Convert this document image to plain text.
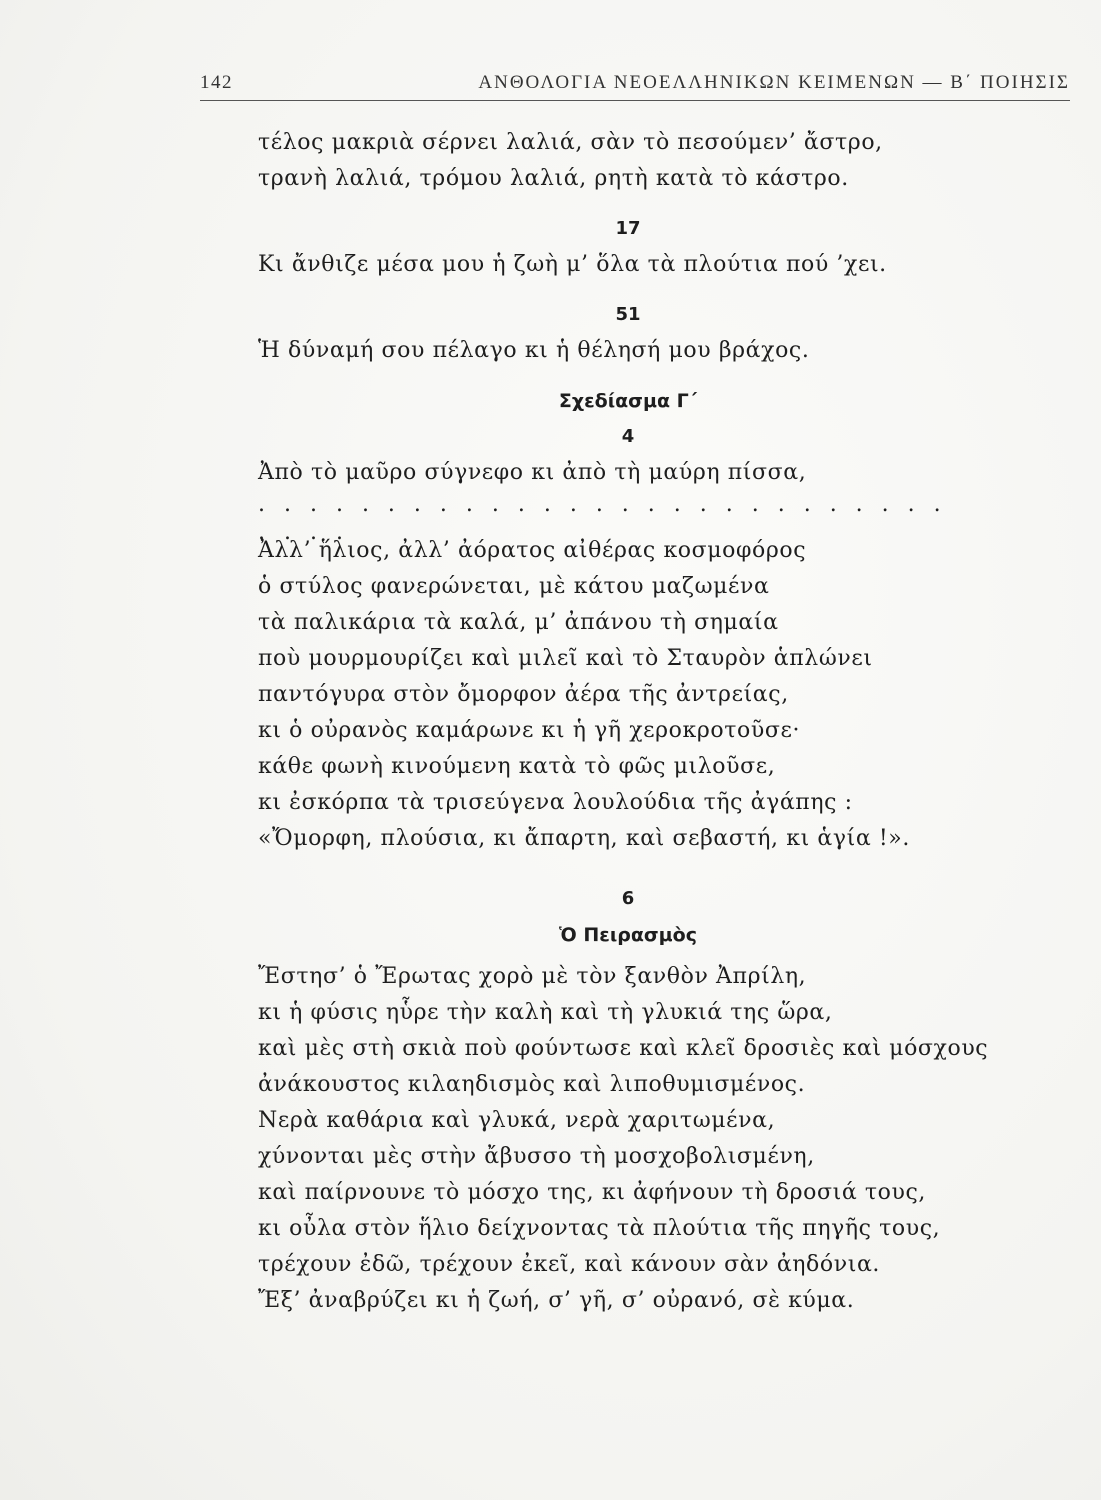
142	ΑΝΘΟΛΟΓΙΑ ΝΕΟΕΛΛΗΝΙΚΩΝ ΚΕΙΜΕΝΩΝ — Β΄ ΠΟΙΗΣΙΣ
τέλος μακριὰ σέρνει λαλιά, σὰν τὸ πεσούμεν’ ἄστρο,
τρανὴ λαλιά, τρόμου λαλιά, ρητὴ κατὰ τὸ κάστρο.
17
Κι ἄνθιζε μέσα μου ἡ ζωὴ μ’ ὅλα τὰ πλούτια πού ’χει.
51
Ἡ δύναμή σου πέλαγο κι ἡ θέλησή μου βράχος.
Σχεδίασμα Γ΄
4
Ἀπὸ τὸ μαῦρο σύγνεφο κι ἀπὸ τὴ μαύρη πίσσα,
. . . . . . . . . . . . . . . . . . . . . . . . . . . . . . .
Ἀλλ’ ἥλιος, ἀλλ’ ἀόρατος αἰθέρας κοσμοφόρος
ὁ στύλος φανερώνεται, μὲ κάτου μαζωμένα
τὰ παλικάρια τὰ καλά, μ’ ἀπάνου τὴ σημαία
ποὺ μουρμουρίζει καὶ μιλεῖ καὶ τὸ Σταυρὸν ἁπλώνει
παντόγυρα στὸν ὄμορφον ἀέρα τῆς ἀντρείας,
κι ὁ οὐρανὸς καμάρωνε κι ἡ γῆ χεροκροτοῦσε·
κάθε φωνὴ κινούμενη κατὰ τὸ φῶς μιλοῦσε,
κι ἐσκόρπα τὰ τρισεύγενα λουλούδια τῆς ἀγάπης :
«Ὄμορφη, πλούσια, κι ἄπαρτη, καὶ σεβαστή, κι ἁγία !».
6
Ὁ Πειρασμὸς
Ἔστησ’ ὁ Ἔρωτας χορὸ μὲ τὸν ξανθὸν Ἀπρίλη,
κι ἡ φύσις ηὗρε τὴν καλὴ καὶ τὴ γλυκιά της ὥρα,
καὶ μὲς στὴ σκιὰ ποὺ φούντωσε καὶ κλεῖ δροσιὲς καὶ μόσχους
ἀνάκουστος κιλαηδισμὸς καὶ λιποθυμισμένος.
Νερὰ καθάρια καὶ γλυκά, νερὰ χαριτωμένα,
χύνονται μὲς στὴν ἄβυσσο τὴ μοσχοβολισμένη,
καὶ παίρνουνε τὸ μόσχο της, κι ἀφήνουν τὴ δροσιά τους,
κι οὖλα στὸν ἥλιο δείχνοντας τὰ πλούτια τῆς πηγῆς τους,
τρέχουν ἐδῶ, τρέχουν ἐκεῖ, καὶ κάνουν σὰν ἀηδόνια.
Ἔξ’ ἀναβρύζει κι ἡ ζωή, σ’ γῆ, σ’ οὐρανό, σὲ κύμα.
